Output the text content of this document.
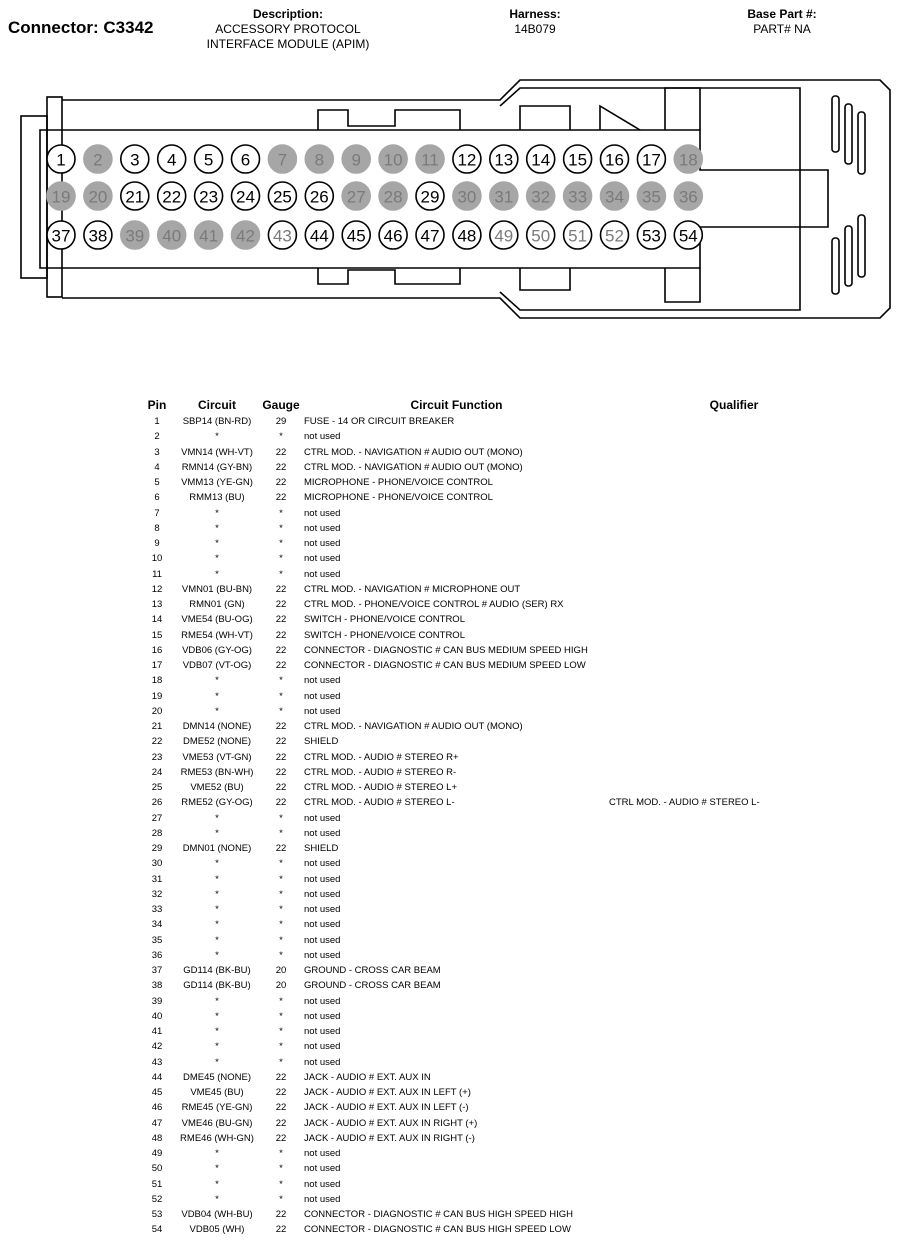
Connector: C3342
Description:
ACCESSORY PROTOCOL
INTERFACE MODULE (APIM)
Harness:
14B079
Base Part #:
PART# NA
1 2 3 4 5 6 7 8 9 10 11 12 13 14 15 16 17 18
19 20 21 22 23 24 25 26 27 28 29 30 31 32 33 34 35 36
37 38 39 40 41 42 43 44 45 46 47 48 49 50 51 52 53 54
Pin	Circuit	Gauge	Circuit Function	Qualifier
1	SBP14 (BN-RD)	29	FUSE - 14 OR CIRCUIT BREAKER	
2	*	*	not used	
3	VMN14 (WH-VT)	22	CTRL MOD. - NAVIGATION # AUDIO OUT (MONO)	
4	RMN14 (GY-BN)	22	CTRL MOD. - NAVIGATION # AUDIO OUT (MONO)	
5	VMM13 (YE-GN)	22	MICROPHONE - PHONE/VOICE CONTROL	
6	RMM13 (BU)	22	MICROPHONE - PHONE/VOICE CONTROL	
7	*	*	not used	
8	*	*	not used	
9	*	*	not used	
10	*	*	not used	
11	*	*	not used	
12	VMN01 (BU-BN)	22	CTRL MOD. - NAVIGATION # MICROPHONE OUT	
13	RMN01 (GN)	22	CTRL MOD. - PHONE/VOICE CONTROL # AUDIO (SER) RX	
14	VME54 (BU-OG)	22	SWITCH - PHONE/VOICE CONTROL	
15	RME54 (WH-VT)	22	SWITCH - PHONE/VOICE CONTROL	
16	VDB06 (GY-OG)	22	CONNECTOR - DIAGNOSTIC # CAN BUS MEDIUM SPEED HIGH	
17	VDB07 (VT-OG)	22	CONNECTOR - DIAGNOSTIC # CAN BUS MEDIUM SPEED LOW	
18	*	*	not used	
19	*	*	not used	
20	*	*	not used	
21	DMN14 (NONE)	22	CTRL MOD. - NAVIGATION # AUDIO OUT (MONO)	
22	DME52 (NONE)	22	SHIELD	
23	VME53 (VT-GN)	22	CTRL MOD. - AUDIO # STEREO R+	
24	RME53 (BN-WH)	22	CTRL MOD. - AUDIO # STEREO R-	
25	VME52 (BU)	22	CTRL MOD. - AUDIO # STEREO L+	
26	RME52 (GY-OG)	22	CTRL MOD. - AUDIO # STEREO L-	CTRL MOD. - AUDIO # STEREO L-
27	*	*	not used	
28	*	*	not used	
29	DMN01 (NONE)	22	SHIELD	
30	*	*	not used	
31	*	*	not used	
32	*	*	not used	
33	*	*	not used	
34	*	*	not used	
35	*	*	not used	
36	*	*	not used	
37	GD114 (BK-BU)	20	GROUND - CROSS CAR BEAM	
38	GD114 (BK-BU)	20	GROUND - CROSS CAR BEAM	
39	*	*	not used	
40	*	*	not used	
41	*	*	not used	
42	*	*	not used	
43	*	*	not used	
44	DME45 (NONE)	22	JACK - AUDIO # EXT. AUX IN	
45	VME45 (BU)	22	JACK - AUDIO # EXT. AUX IN LEFT (+)	
46	RME45 (YE-GN)	22	JACK - AUDIO # EXT. AUX IN LEFT (-)	
47	VME46 (BU-GN)	22	JACK - AUDIO # EXT. AUX IN RIGHT (+)	
48	RME46 (WH-GN)	22	JACK - AUDIO # EXT. AUX IN RIGHT (-)	
49	*	*	not used	
50	*	*	not used	
51	*	*	not used	
52	*	*	not used	
53	VDB04 (WH-BU)	22	CONNECTOR - DIAGNOSTIC # CAN BUS HIGH SPEED HIGH	
54	VDB05 (WH)	22	CONNECTOR - DIAGNOSTIC # CAN BUS HIGH SPEED LOW	
